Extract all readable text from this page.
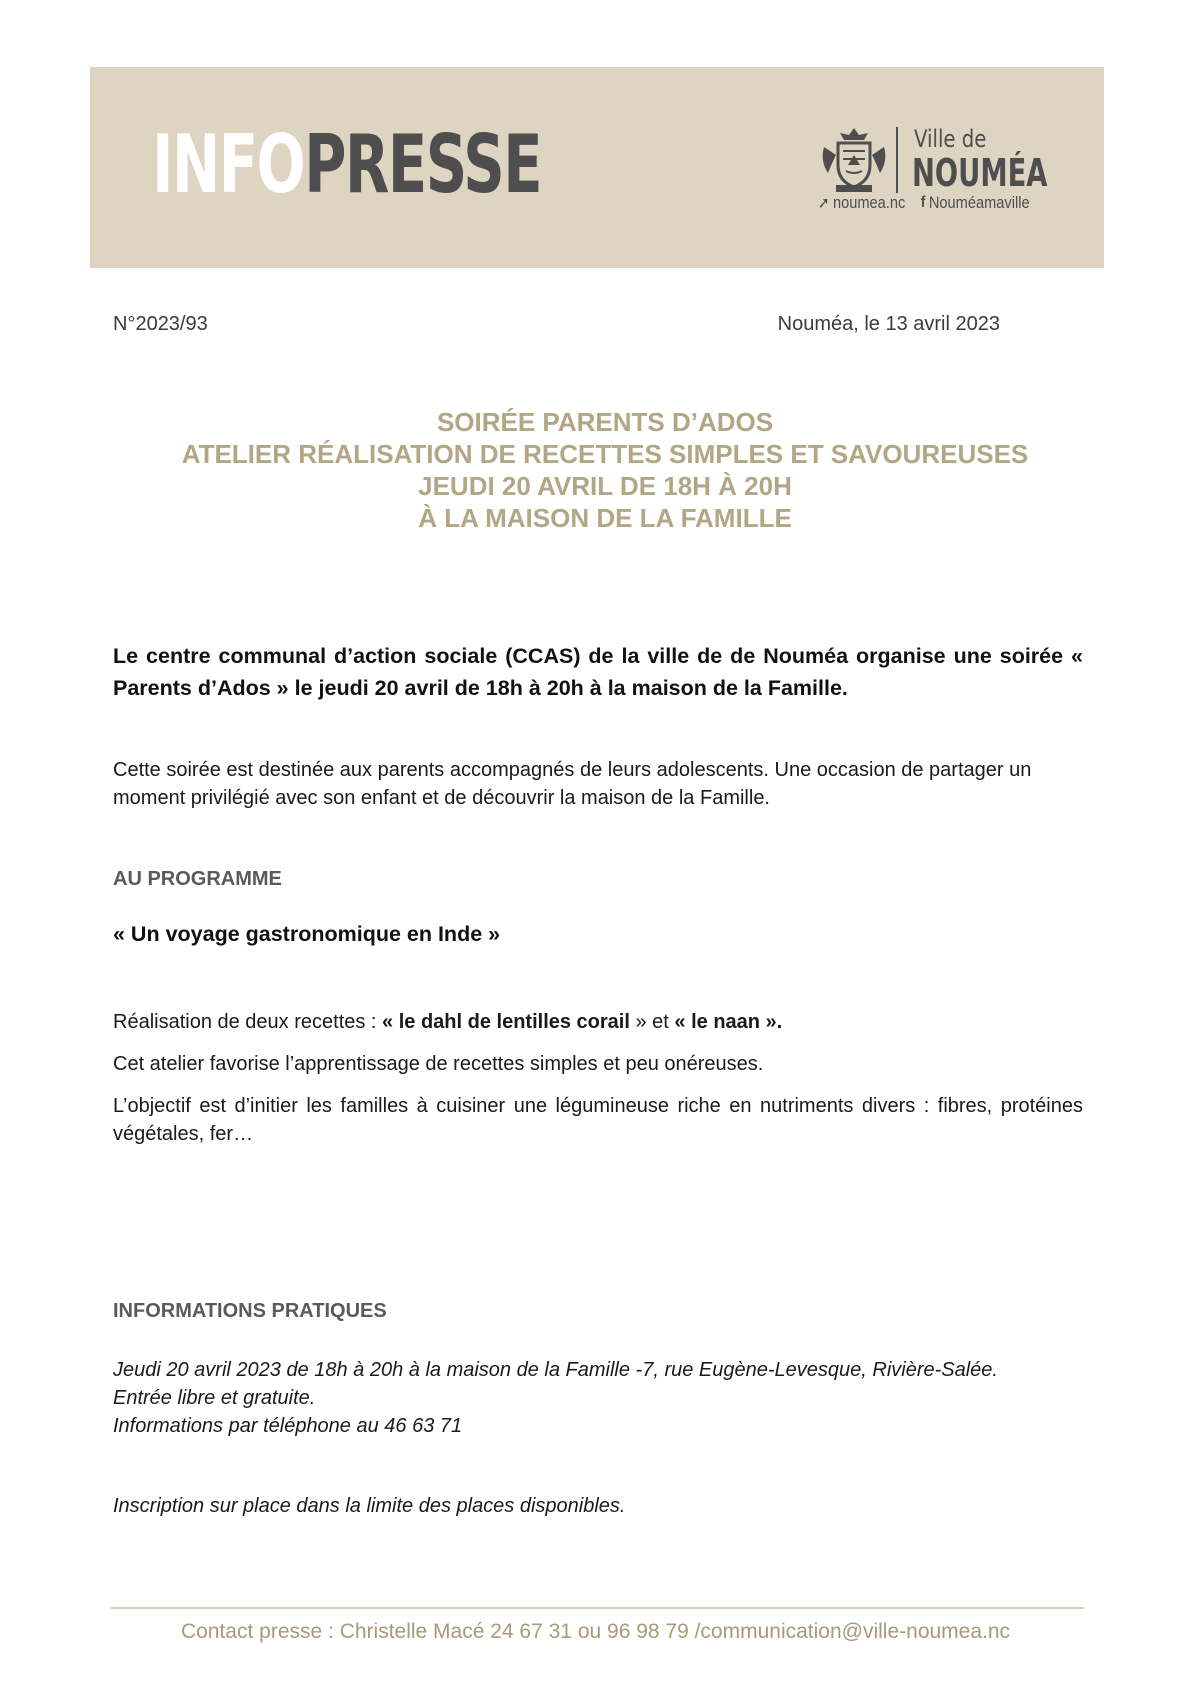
INFOPRESSE	Ville de
NOUMÉA
➚ noumea.nc f Nouméamaville
N°2023/93	Nouméa, le 13 avril 2023
SOIRÉE PARENTS D’ADOS
ATELIER RÉALISATION DE RECETTES SIMPLES ET SAVOUREUSES
JEUDI 20 AVRIL DE 18H À 20H
À LA MAISON DE LA FAMILLE
Le centre communal d’action sociale (CCAS) de la ville de de Nouméa organise une soirée « Parents d’Ados » le jeudi 20 avril de 18h à 20h à la maison de la Famille.
Cette soirée est destinée aux parents accompagnés de leurs adolescents. Une occasion de partager un moment privilégié avec son enfant et de découvrir la maison de la Famille.
AU PROGRAMME
« Un voyage gastronomique en Inde »
Réalisation de deux recettes : « le dahl de lentilles corail » et « le naan ».
Cet atelier favorise l’apprentissage de recettes simples et peu onéreuses.
L’objectif est d’initier les familles à cuisiner une légumineuse riche en nutriments divers : fibres, protéines végétales, fer…
INFORMATIONS PRATIQUES

Jeudi 20 avril 2023 de 18h à 20h à la maison de la Famille -7, rue Eugène-Levesque, Rivière-Salée.

Entrée libre et gratuite.

Informations par téléphone au 46 63 71

Inscription sur place dans la limite des places disponibles.
Contact presse : Christelle Macé 24 67 31 ou 96 98 79 /communication@ville-noumea.nc
